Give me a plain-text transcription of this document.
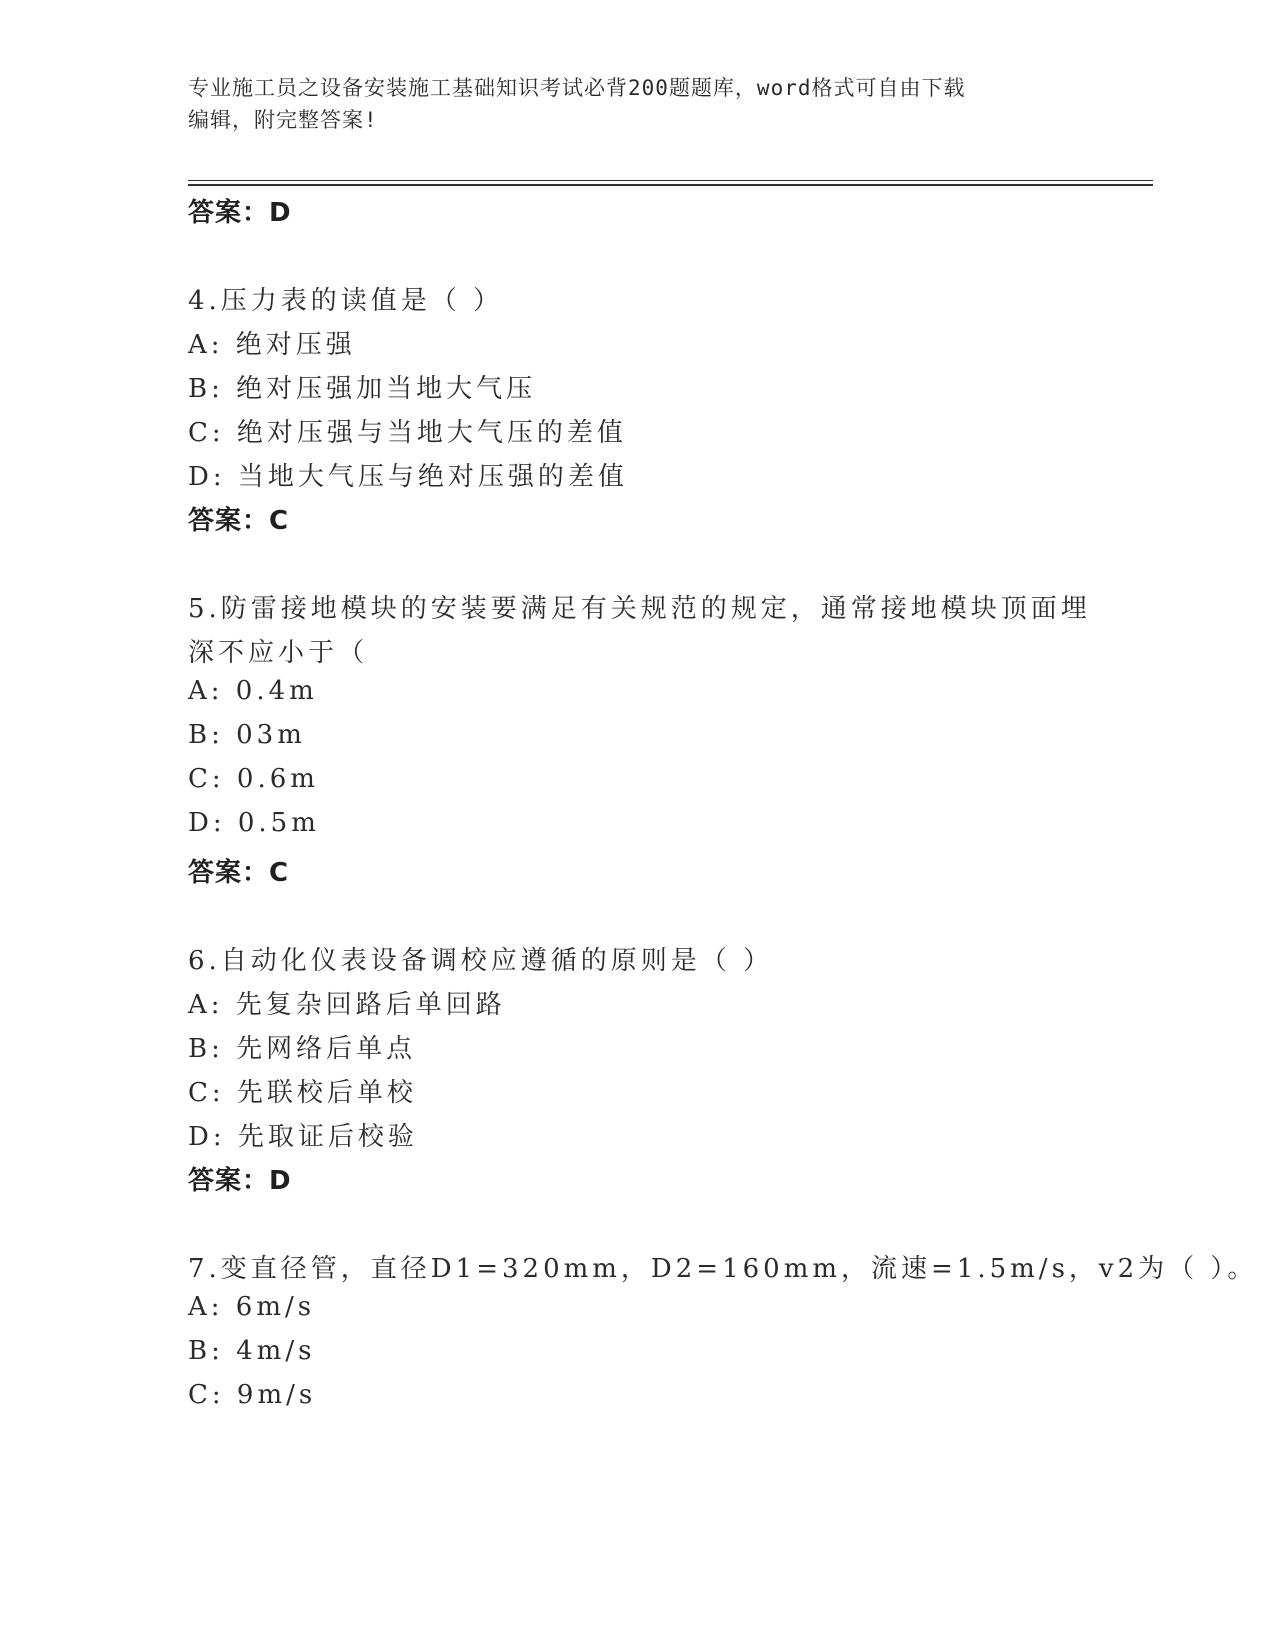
专业施工员之设备安装施工基础知识考试必背200题题库，word格式可自由下载
编辑，附完整答案!
答案：D
4.压力表的读值是（ ）
A: 绝对压强
B: 绝对压强加当地大气压
C: 绝对压强与当地大气压的差值
D: 当地大气压与绝对压强的差值
答案：C
5.防雷接地模块的安装要满足有关规范的规定，通常接地模块顶面埋
深不应小于（
A: 0.4m
B: 03m
C: 0.6m
D: 0.5m
答案：C
6.自动化仪表设备调校应遵循的原则是（ ）
A: 先复杂回路后单回路
B: 先网络后单点
C: 先联校后单校
D: 先取证后校验
答案：D
7.变直径管，直径D1=320mm，D2=160mm，流速=1.5m/s，v2为（ ）。
A: 6m/s
B: 4m/s
C: 9m/s
